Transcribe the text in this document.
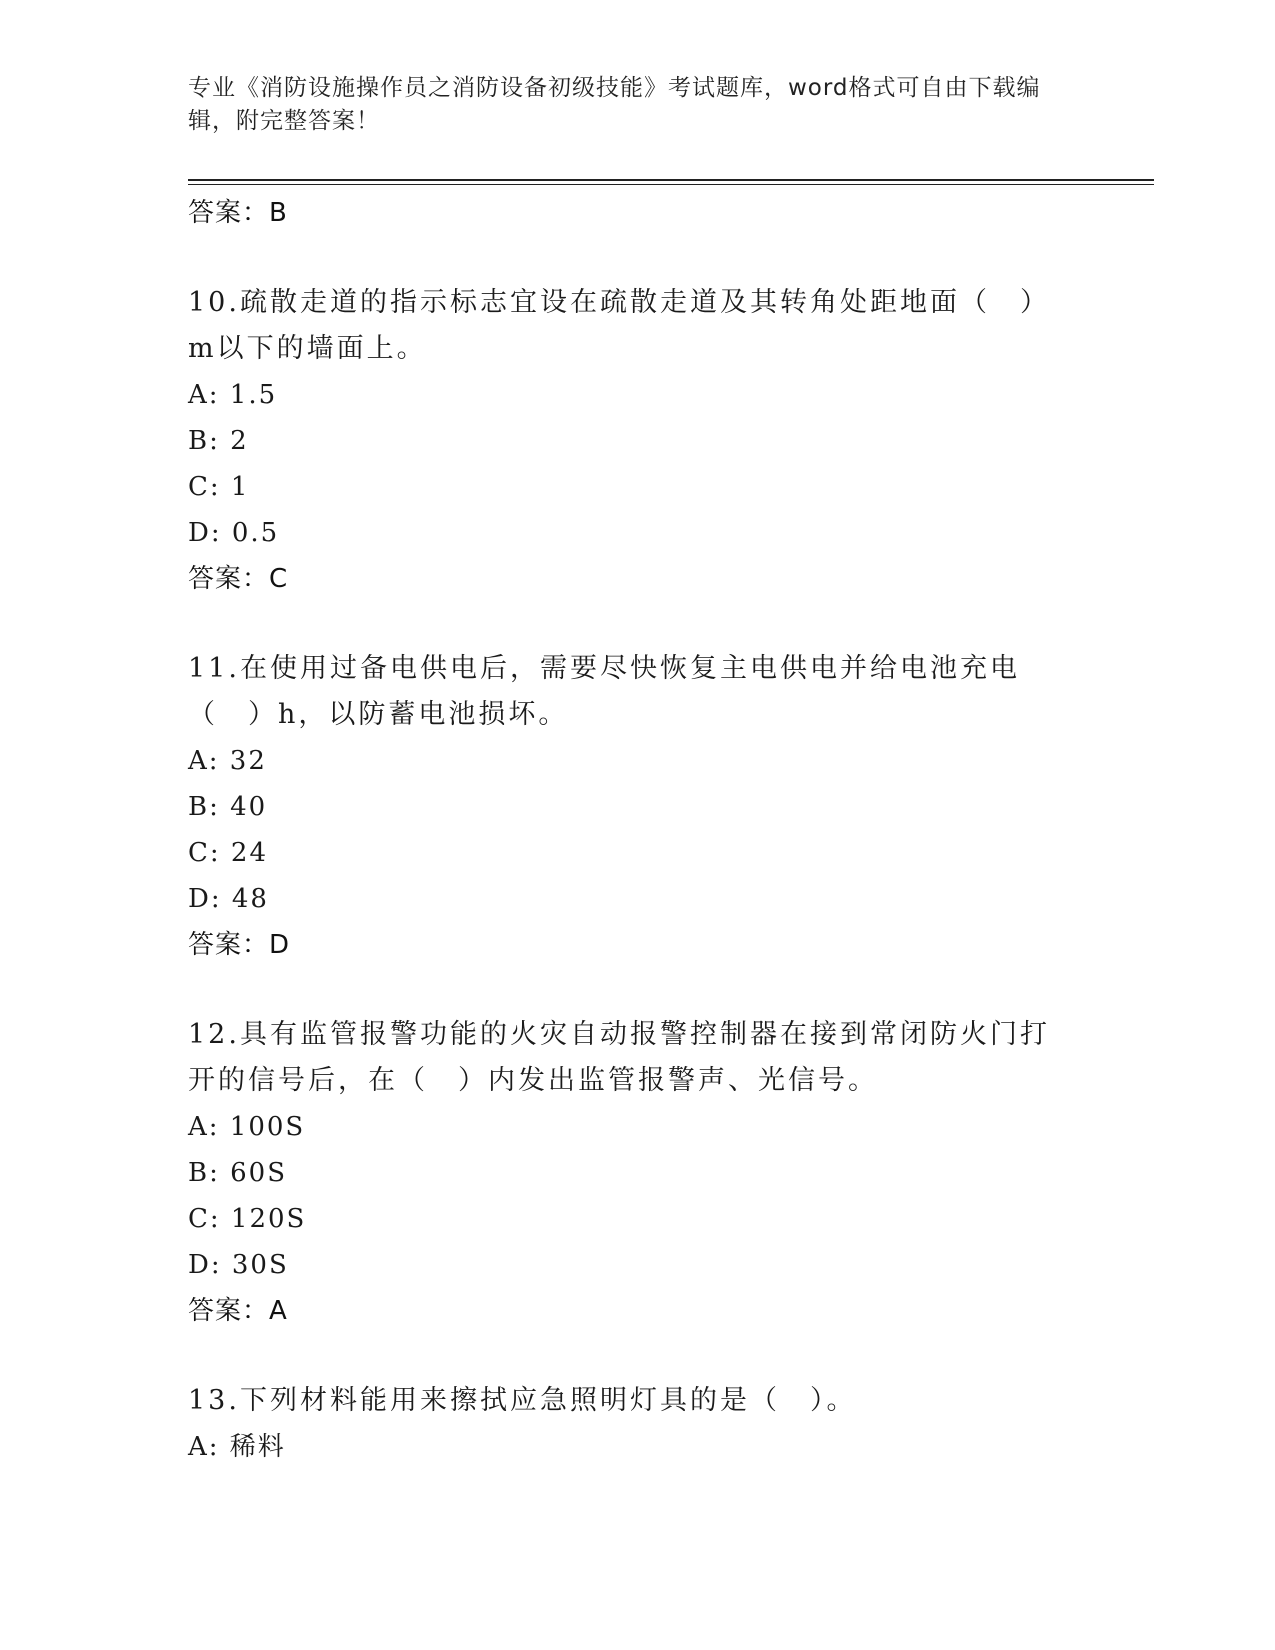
专业《消防设施操作员之消防设备初级技能》考试题库，word格式可自由下载编辑，附完整答案！
答案：B
10.疏散走道的指示标志宜设在疏散走道及其转角处距地面（　）m以下的墙面上。
A: 1.5
B: 2
C: 1
D: 0.5
答案：C
11.在使用过备电供电后，需要尽快恢复主电供电并给电池充电（　）h，以防蓄电池损坏。
A: 32
B: 40
C: 24
D: 48
答案：D
12.具有监管报警功能的火灾自动报警控制器在接到常闭防火门打开的信号后，在（　）内发出监管报警声、光信号。
A: 100S
B: 60S
C: 120S
D: 30S
答案：A
13.下列材料能用来擦拭应急照明灯具的是（　）。
A: 稀料
